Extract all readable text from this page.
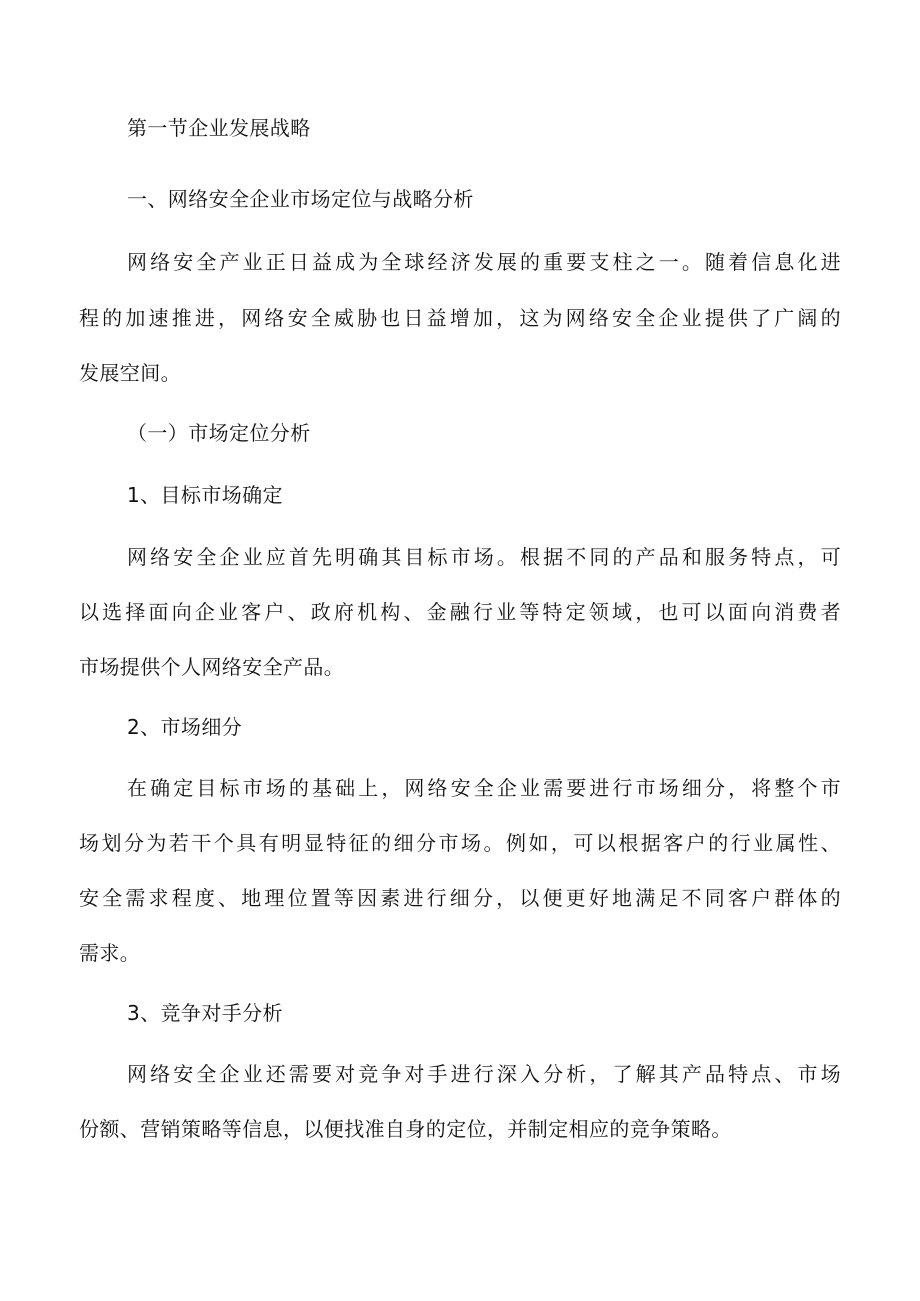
第一节企业发展战略
一、网络安全企业市场定位与战略分析
网络安全产业正日益成为全球经济发展的重要支柱之一。随着信息化进
程的加速推进，网络安全威胁也日益增加，这为网络安全企业提供了广阔的
发展空间。
（一）市场定位分析
1、目标市场确定
网络安全企业应首先明确其目标市场。根据不同的产品和服务特点，可
以选择面向企业客户、政府机构、金融行业等特定领域，也可以面向消费者
市场提供个人网络安全产品。
2、市场细分
在确定目标市场的基础上，网络安全企业需要进行市场细分，将整个市
场划分为若干个具有明显特征的细分市场。例如，可以根据客户的行业属性、
安全需求程度、地理位置等因素进行细分，以便更好地满足不同客户群体的
需求。
3、竞争对手分析
网络安全企业还需要对竞争对手进行深入分析，了解其产品特点、市场
份额、营销策略等信息，以便找准自身的定位，并制定相应的竞争策略。
